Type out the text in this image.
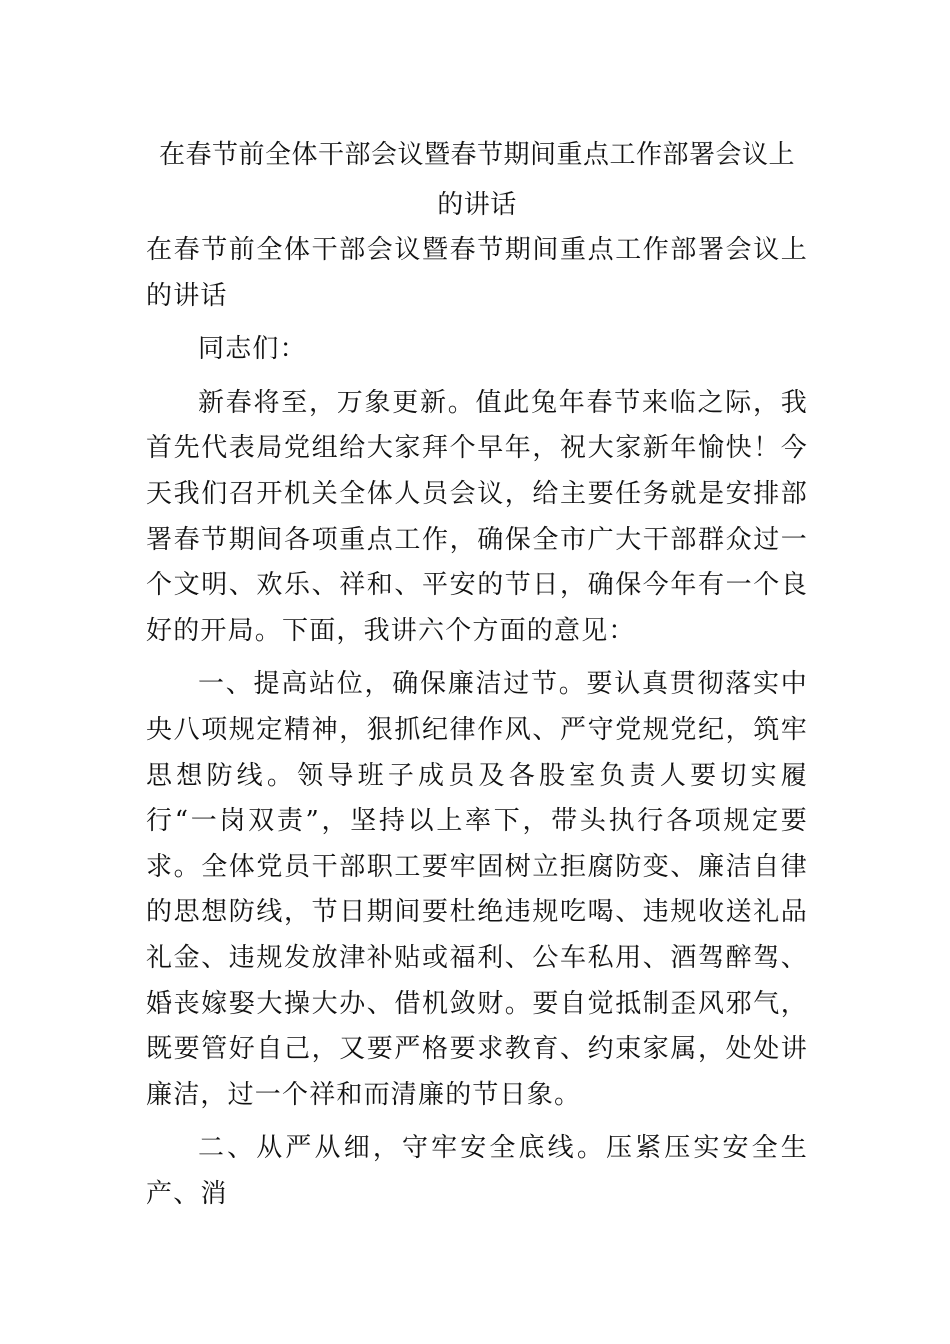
在春节前全体干部会议暨春节期间重点工作部署会议上的讲话

在春节前全体干部会议暨春节期间重点工作部署会议上的讲话

同志们：

新春将至，万象更新。值此兔年春节来临之际，我首先代表局党组给大家拜个早年，祝大家新年愉快！今天我们召开机关全体人员会议，给主要任务就是安排部署春节期间各项重点工作，确保全市广大干部群众过一个文明、欢乐、祥和、平安的节日，确保今年有一个良好的开局。下面，我讲六个方面的意见：

一、提高站位，确保廉洁过节。要认真贯彻落实中央八项规定精神，狠抓纪律作风、严守党规党纪，筑牢思想防线。领导班子成员及各股室负责人要切实履行“一岗双责”，坚持以上率下，带头执行各项规定要求。全体党员干部职工要牢固树立拒腐防变、廉洁自律的思想防线，节日期间要杜绝违规吃喝、违规收送礼品礼金、违规发放津补贴或福利、公车私用、酒驾醉驾、婚丧嫁娶大操大办、借机敛财。要自觉抵制歪风邪气，既要管好自己，又要严格要求教育、约束家属，处处讲廉洁，过一个祥和而清廉的节日象。

二、从严从细，守牢安全底线。压紧压实安全生产、消
